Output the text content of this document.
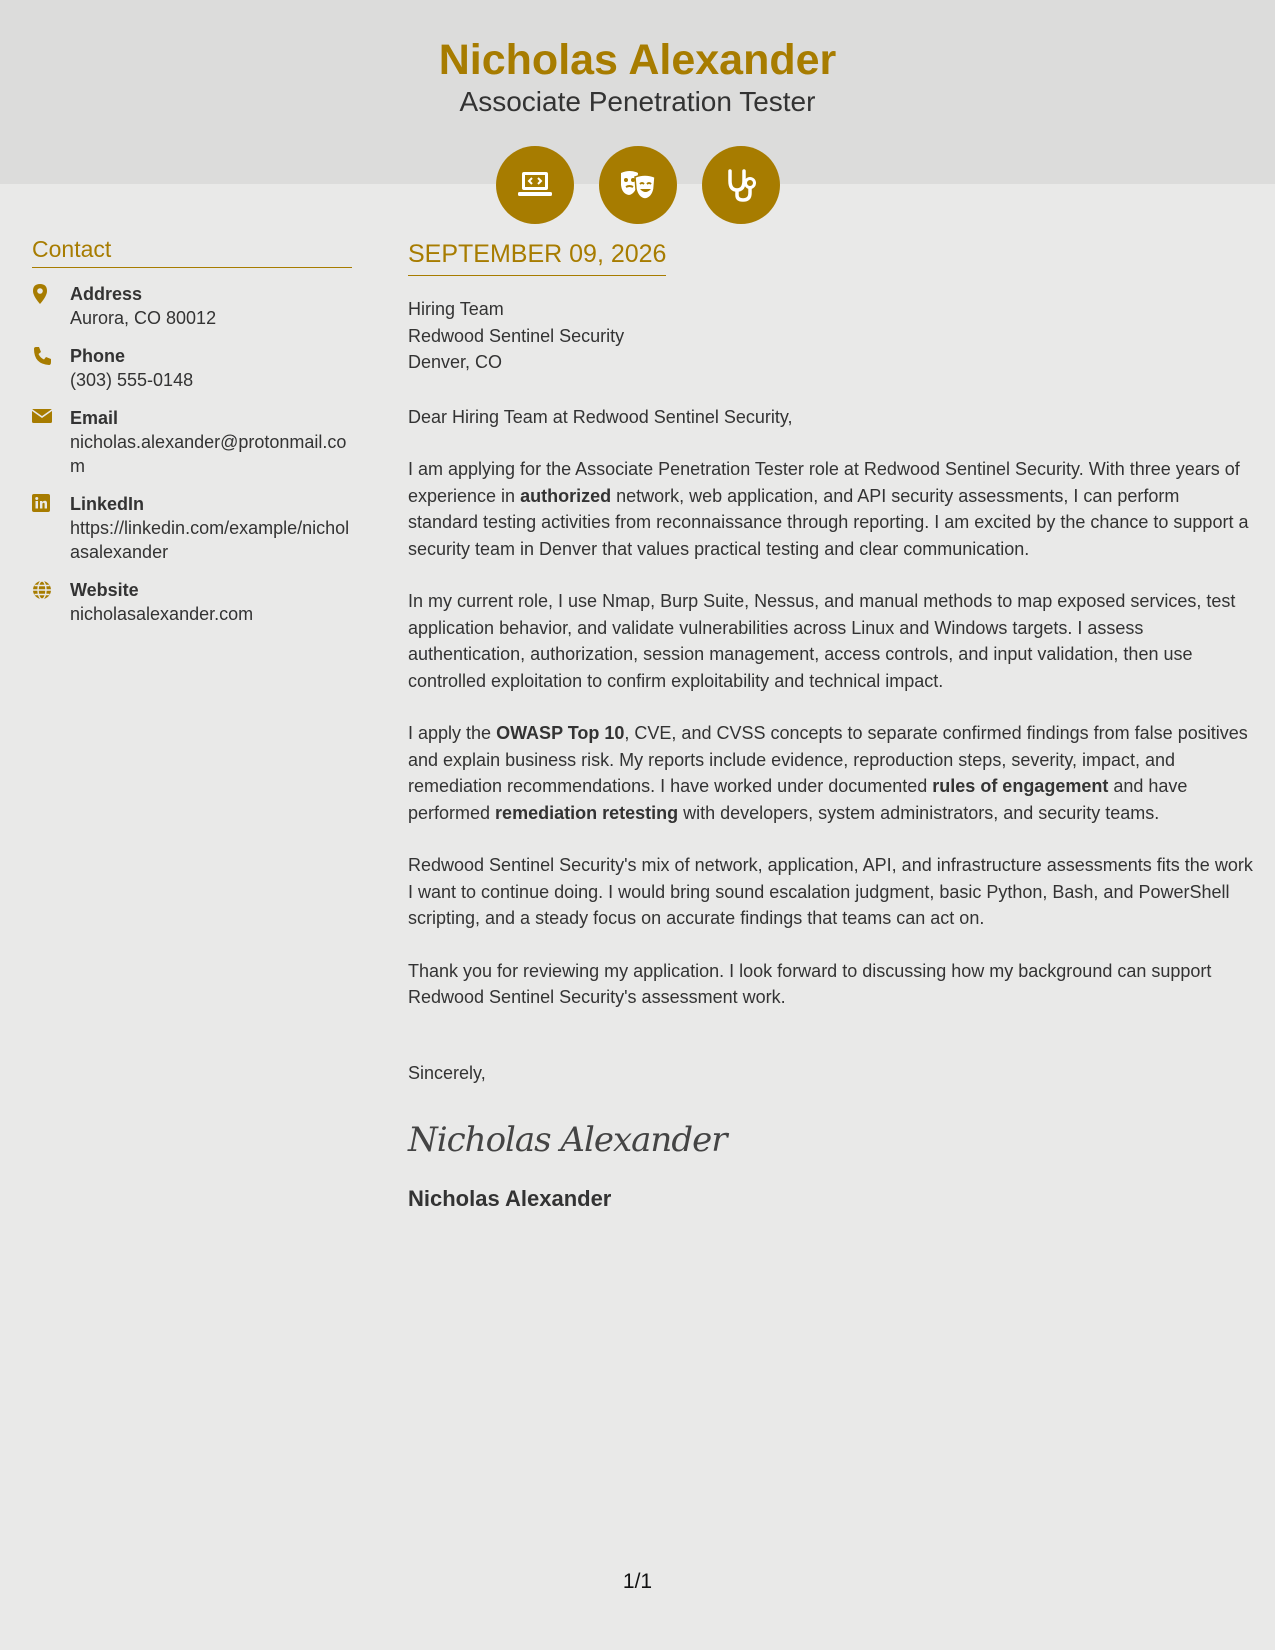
Nicholas Alexander
Associate Penetration Tester
Contact
Address
Aurora, CO 80012
Phone
(303) 555-0148
Email
nicholas.alexander@protonmail.com
LinkedIn
https://linkedin.com/example/nicholasalexander
Website
nicholasalexander.com
SEPTEMBER 09, 2026
Hiring Team
Redwood Sentinel Security
Denver, CO
Dear Hiring Team at Redwood Sentinel Security,
I am applying for the Associate Penetration Tester role at Redwood Sentinel Security. With three years of experience in authorized network, web application, and API security assessments, I can perform standard testing activities from reconnaissance through reporting. I am excited by the chance to support a security team in Denver that values practical testing and clear communication.
In my current role, I use Nmap, Burp Suite, Nessus, and manual methods to map exposed services, test application behavior, and validate vulnerabilities across Linux and Windows targets. I assess authentication, authorization, session management, access controls, and input validation, then use controlled exploitation to confirm exploitability and technical impact.
I apply the OWASP Top 10, CVE, and CVSS concepts to separate confirmed findings from false positives and explain business risk. My reports include evidence, reproduction steps, severity, impact, and remediation recommendations. I have worked under documented rules of engagement and have performed remediation retesting with developers, system administrators, and security teams.
Redwood Sentinel Security's mix of network, application, API, and infrastructure assessments fits the work I want to continue doing. I would bring sound escalation judgment, basic Python, Bash, and PowerShell scripting, and a steady focus on accurate findings that teams can act on.
Thank you for reviewing my application. I look forward to discussing how my background can support Redwood Sentinel Security's assessment work.
Sincerely,
Nicholas Alexander
Nicholas Alexander
1/1
